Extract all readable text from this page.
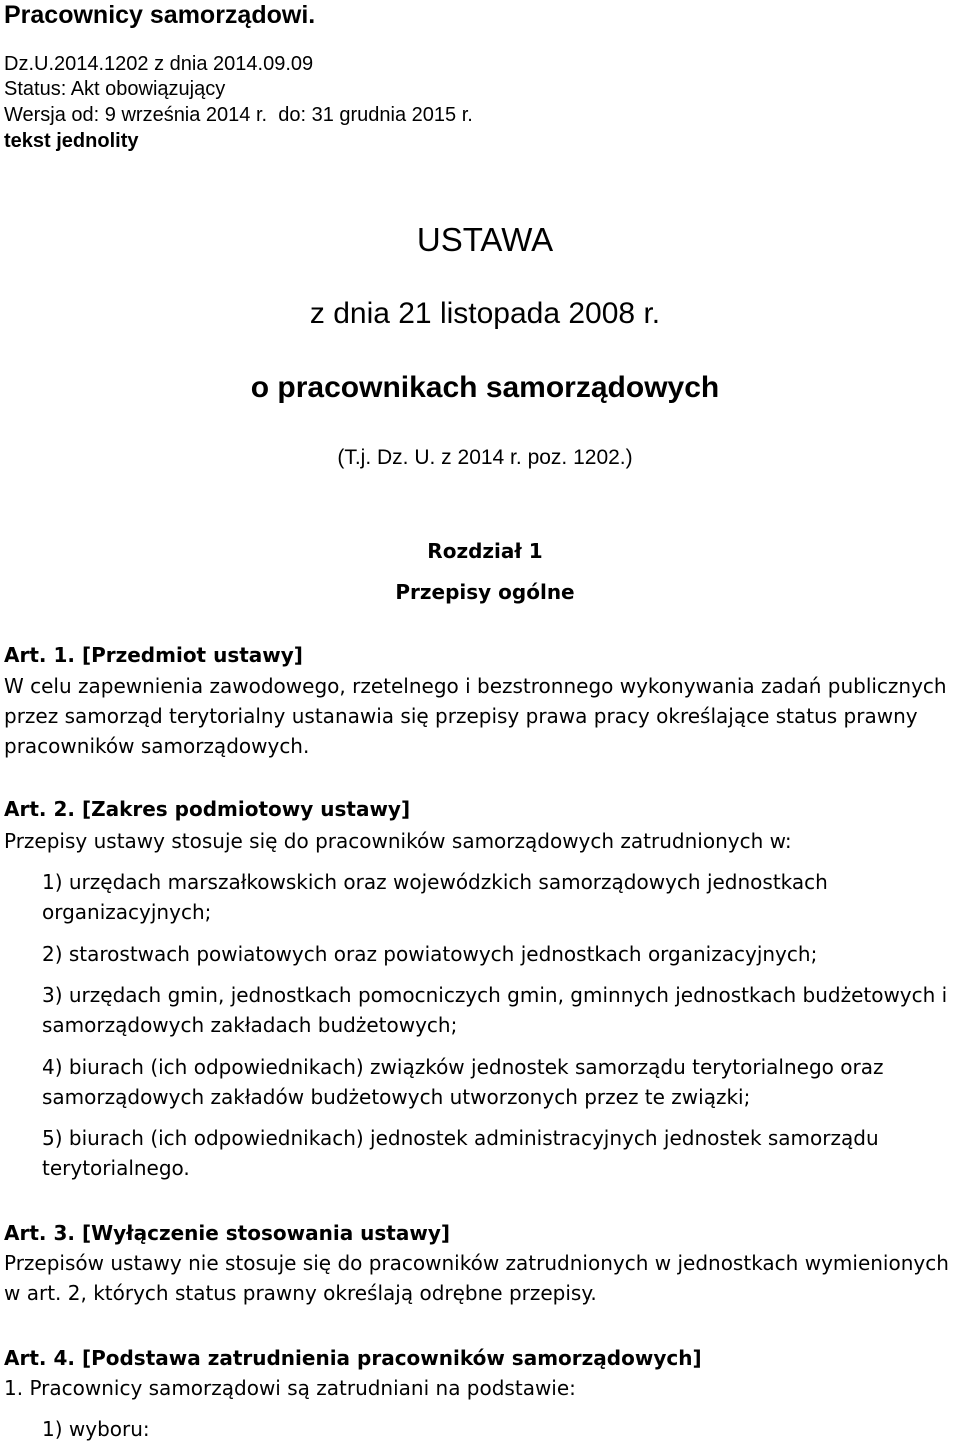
Pracownicy samorządowi.
Dz.U.2014.1202 z dnia 2014.09.09
Status: Akt obowiązujący
Wersja od: 9 września 2014 r.  do: 31 grudnia 2015 r.
tekst jednolity
USTAWA
z dnia 21 listopada 2008 r.
o pracownikach samorządowych
(T.j. Dz. U. z 2014 r. poz. 1202.)
Rozdział 1
Przepisy ogólne
Art. 1. [Przedmiot ustawy]
W celu zapewnienia zawodowego, rzetelnego i bezstronnego wykonywania zadań publicznych przez samorząd terytorialny ustanawia się przepisy prawa pracy określające status prawny pracowników samorządowych.
Art. 2. [Zakres podmiotowy ustawy]
Przepisy ustawy stosuje się do pracowników samorządowych zatrudnionych w:
1) urzędach marszałkowskich oraz wojewódzkich samorządowych jednostkach organizacyjnych;
2) starostwach powiatowych oraz powiatowych jednostkach organizacyjnych;
3) urzędach gmin, jednostkach pomocniczych gmin, gminnych jednostkach budżetowych i samorządowych zakładach budżetowych;
4) biurach (ich odpowiednikach) związków jednostek samorządu terytorialnego oraz samorządowych zakładów budżetowych utworzonych przez te związki;
5) biurach (ich odpowiednikach) jednostek administracyjnych jednostek samorządu terytorialnego.
Art. 3. [Wyłączenie stosowania ustawy]
Przepisów ustawy nie stosuje się do pracowników zatrudnionych w jednostkach wymienionych w art. 2, których status prawny określają odrębne przepisy.
Art. 4. [Podstawa zatrudnienia pracowników samorządowych]
1. Pracownicy samorządowi są zatrudniani na podstawie:
1) wyboru:
